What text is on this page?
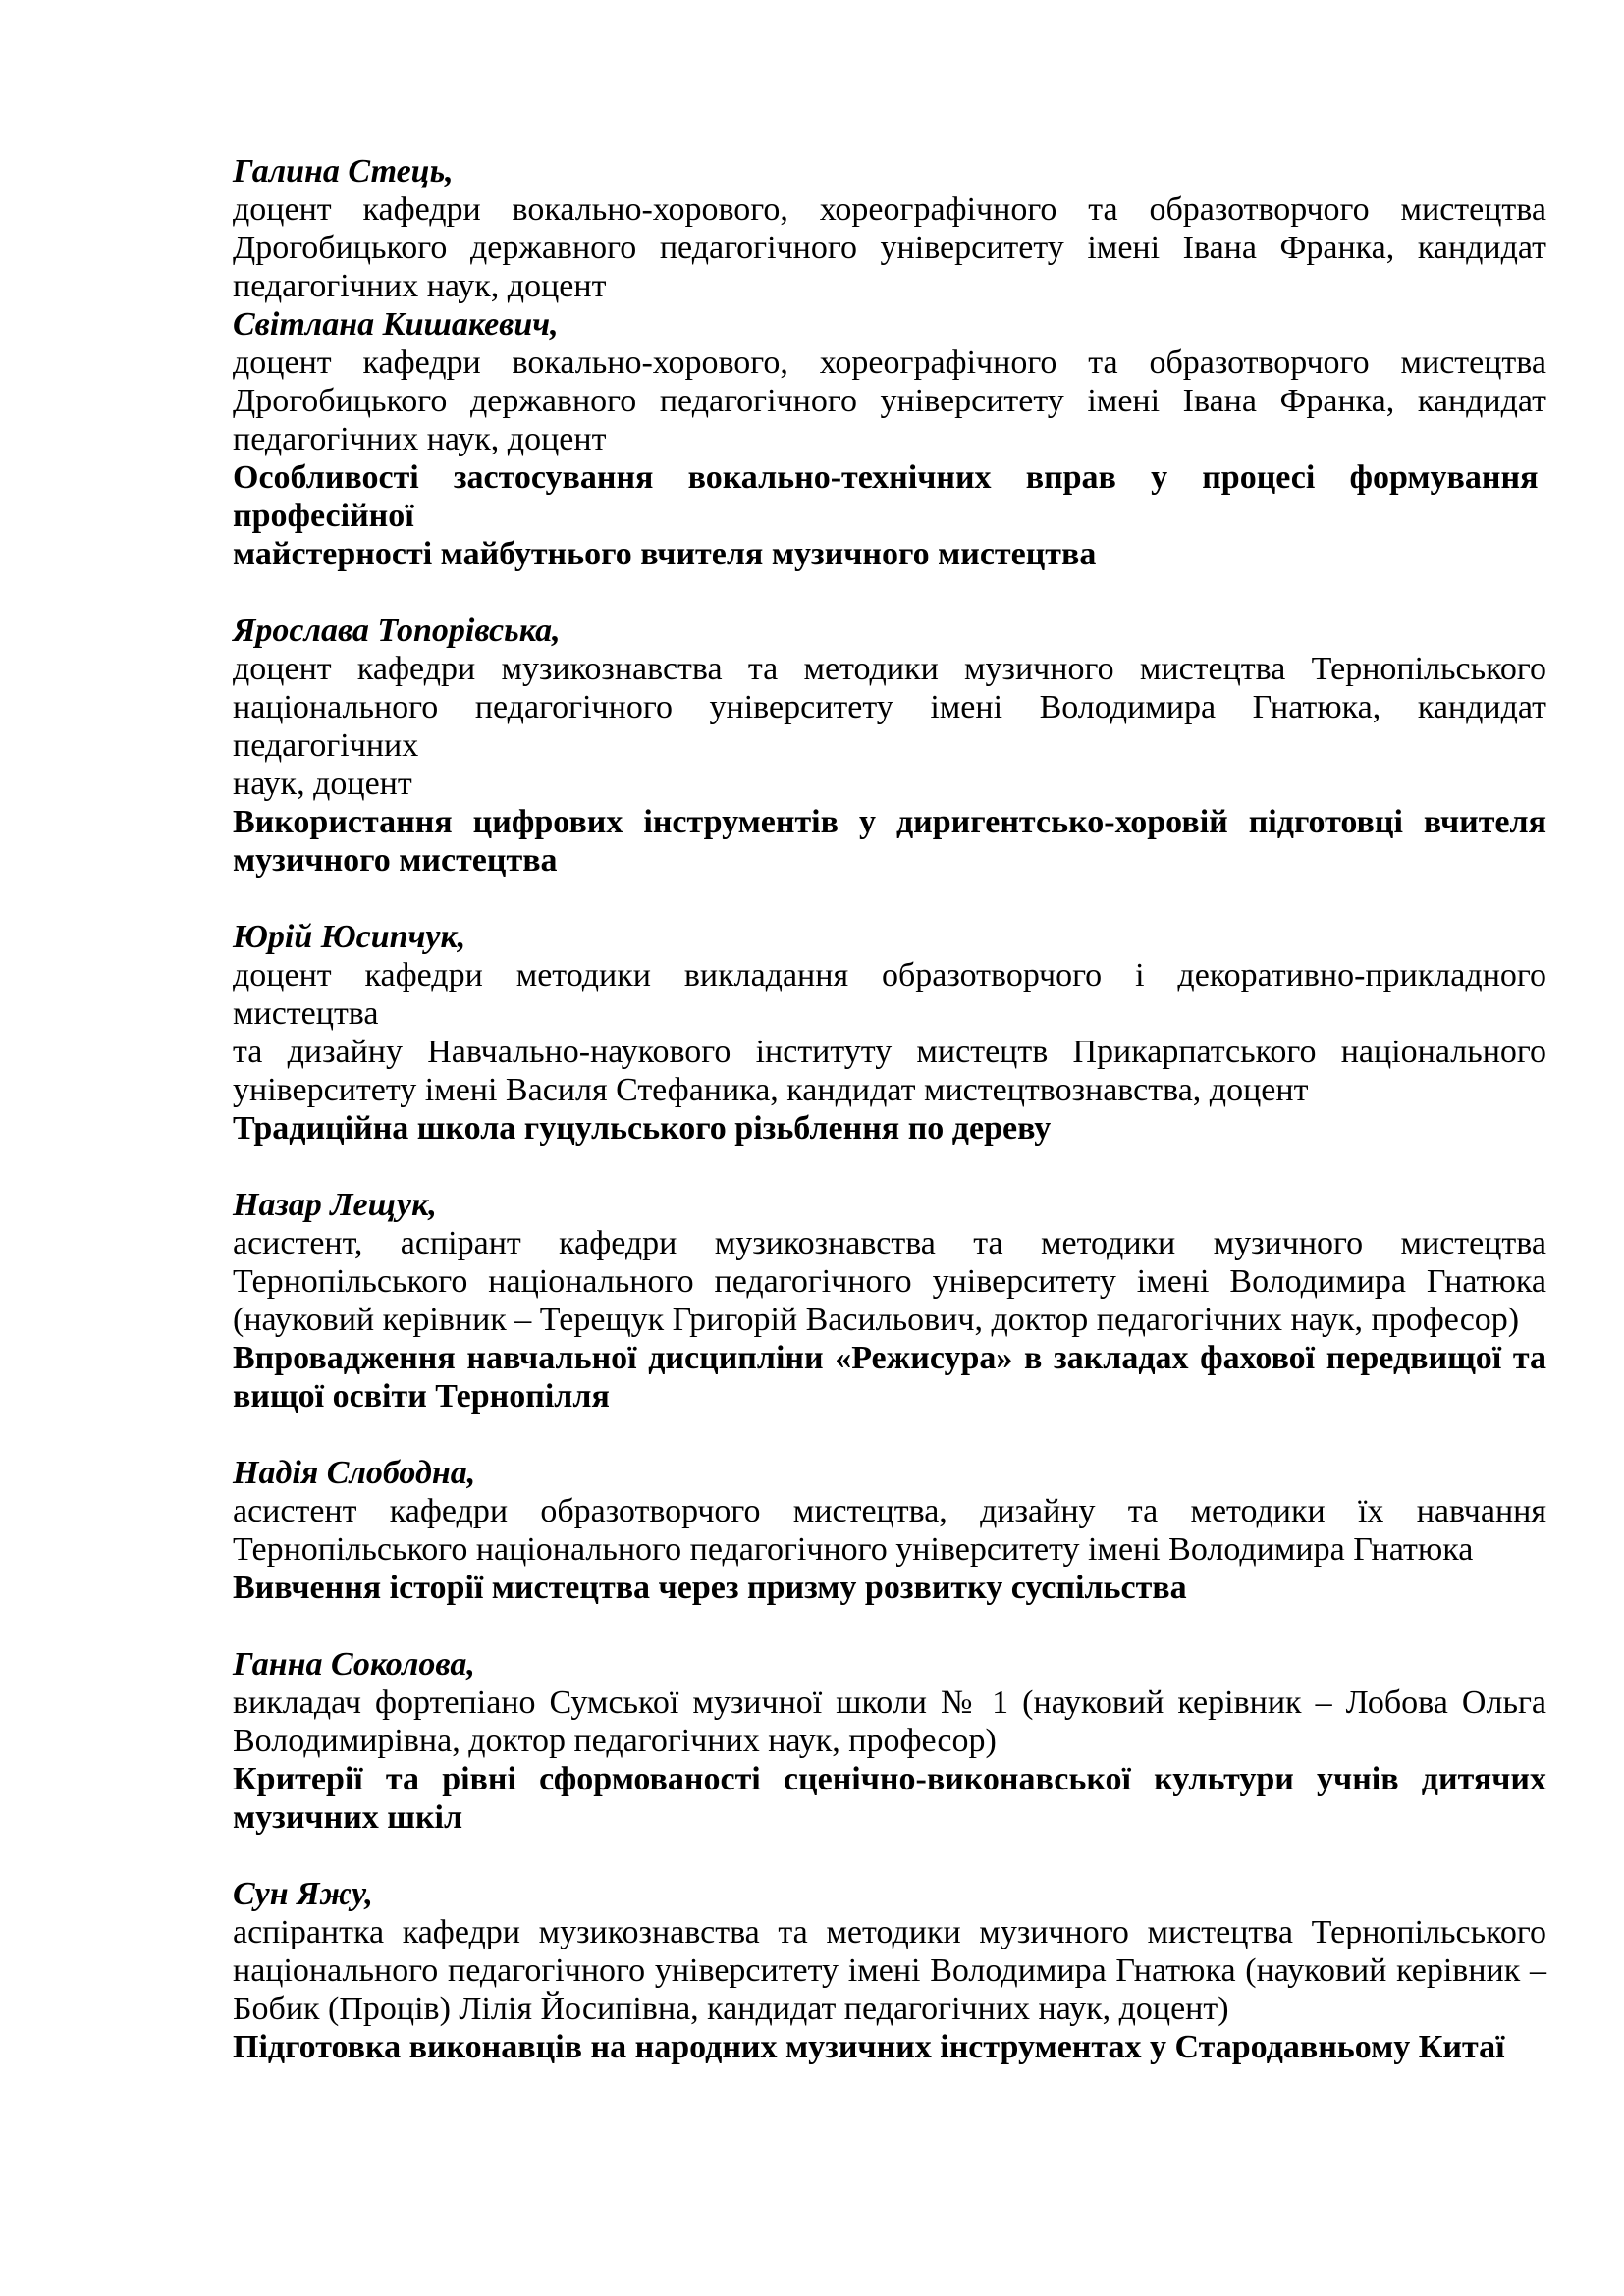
Галина Стець,
доцент кафедри вокально-хорового, хореографічного та образотворчого мистецтва
Дрогобицького державного педагогічного університету імені Івана Франка, кандидат
педагогічних наук, доцент
Світлана Кишакевич,
доцент кафедри вокально-хорового, хореографічного та образотворчого мистецтва
Дрогобицького державного педагогічного університету імені Івана Франка, кандидат
педагогічних наук, доцент
Особливості застосування вокально-технічних вправ у процесі формування  професійної
майстерності майбутнього вчителя музичного мистецтва
Ярослава Топорівська,
доцент кафедри музикознавства та методики музичного мистецтва Тернопільського
національного педагогічного університету імені Володимира Гнатюка, кандидат педагогічних
наук, доцент
Використання цифрових інструментів у диригентсько-хоровій підготовці вчителя
музичного мистецтва
Юрій Юсипчук,
доцент кафедри методики викладання образотворчого і декоративно-прикладного мистецтва
та дизайну Навчально-наукового інституту мистецтв Прикарпатського національного
університету імені Василя Стефаника, кандидат мистецтвознавства, доцент
Традиційна школа гуцульського різьблення по дереву
Назар Лещук,
асистент, аспірант кафедри музикознавства та методики музичного мистецтва
Тернопільського національного педагогічного університету імені Володимира Гнатюка
(науковий керівник – Терещук Григорій Васильович, доктор педагогічних наук, професор)
Впровадження навчальної дисципліни «Режисура» в закладах фахової передвищої та
вищої освіти Тернопілля
Надія Слободна,
асистент кафедри образотворчого мистецтва, дизайну та методики їх навчання
Тернопільського національного педагогічного університету імені Володимира Гнатюка
Вивчення історії мистецтва через призму розвитку суспільства
Ганна Соколова,
викладач фортепіано Сумської музичної школи № 1 (науковий керівник – Лобова Ольга
Володимирівна, доктор педагогічних наук, професор)
Критерії та рівні сформованості сценічно-виконавської культури учнів дитячих
музичних шкіл
Сун Яжу,
аспірантка кафедри музикознавства та методики музичного мистецтва Тернопільського
національного педагогічного університету імені Володимира Гнатюка (науковий керівник –
Бобик (Проців) Лілія Йосипівна, кандидат педагогічних наук, доцент)
Підготовка виконавців на народних музичних інструментах у Стародавньому Китаї
